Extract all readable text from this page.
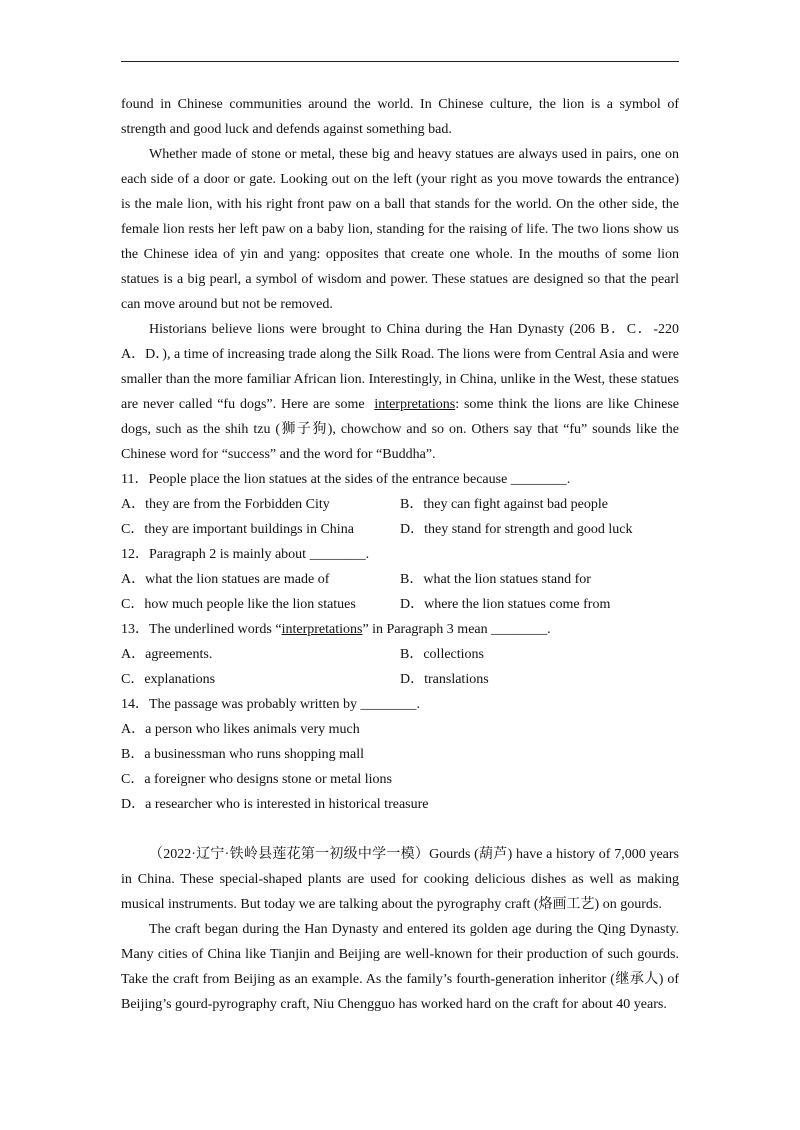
found in Chinese communities around the world. In Chinese culture, the lion is a symbol of strength and good luck and defends against something bad.

Whether made of stone or metal, these big and heavy statues are always used in pairs, one on each side of a door or gate. Looking out on the left (your right as you move towards the entrance) is the male lion, with his right front paw on a ball that stands for the world. On the other side, the female lion rests her left paw on a baby lion, standing for the raising of life. The two lions show us the Chinese idea of yin and yang: opposites that create one whole. In the mouths of some lion statues is a big pearl, a symbol of wisdom and power. These statues are designed so that the pearl can move around but not be removed.

Historians believe lions were brought to China during the Han Dynasty (206 B．C．-220 A．D．), a time of increasing trade along the Silk Road. The lions were from Central Asia and were smaller than the more familiar African lion. Interestingly, in China, unlike in the West, these statues are never called “fu dogs”. Here are some interpretations: some think the lions are like Chinese dogs, such as the shih tzu (狮子狗), chowchow and so on. Others say that “fu” sounds like the Chinese word for “success” and the word for “Buddha”.

11．People place the lion statues at the sides of the entrance because ________.

A．they are from the Forbidden City	B．they can fight against bad people

C．they are important buildings in China	D．they stand for strength and good luck

12．Paragraph 2 is mainly about ________.

A．what the lion statues are made of	B．what the lion statues stand for

C．how much people like the lion statues	D．where the lion statues come from

13．The underlined words “interpretations” in Paragraph 3 mean ________.

A．agreements.	B．collections

C．explanations	D．translations

14．The passage was probably written by ________.

A．a person who likes animals very much

B．a businessman who runs shopping mall

C．a foreigner who designs stone or metal lions

D．a researcher who is interested in historical treasure

（2022·辽宁·铁岭县莲花第一初级中学一模）Gourds (葫芦) have a history of 7,000 years in China. These special-shaped plants are used for cooking delicious dishes as well as making musical instruments. But today we are talking about the pyrography craft (烙画工艺) on gourds.

The craft began during the Han Dynasty and entered its golden age during the Qing Dynasty. Many cities of China like Tianjin and Beijing are well-known for their production of such gourds. Take the craft from Beijing as an example. As the family’s fourth-generation inheritor (继承人) of Beijing’s gourd-pyrography craft, Niu Chengguo has worked hard on the craft for about 40 years.
